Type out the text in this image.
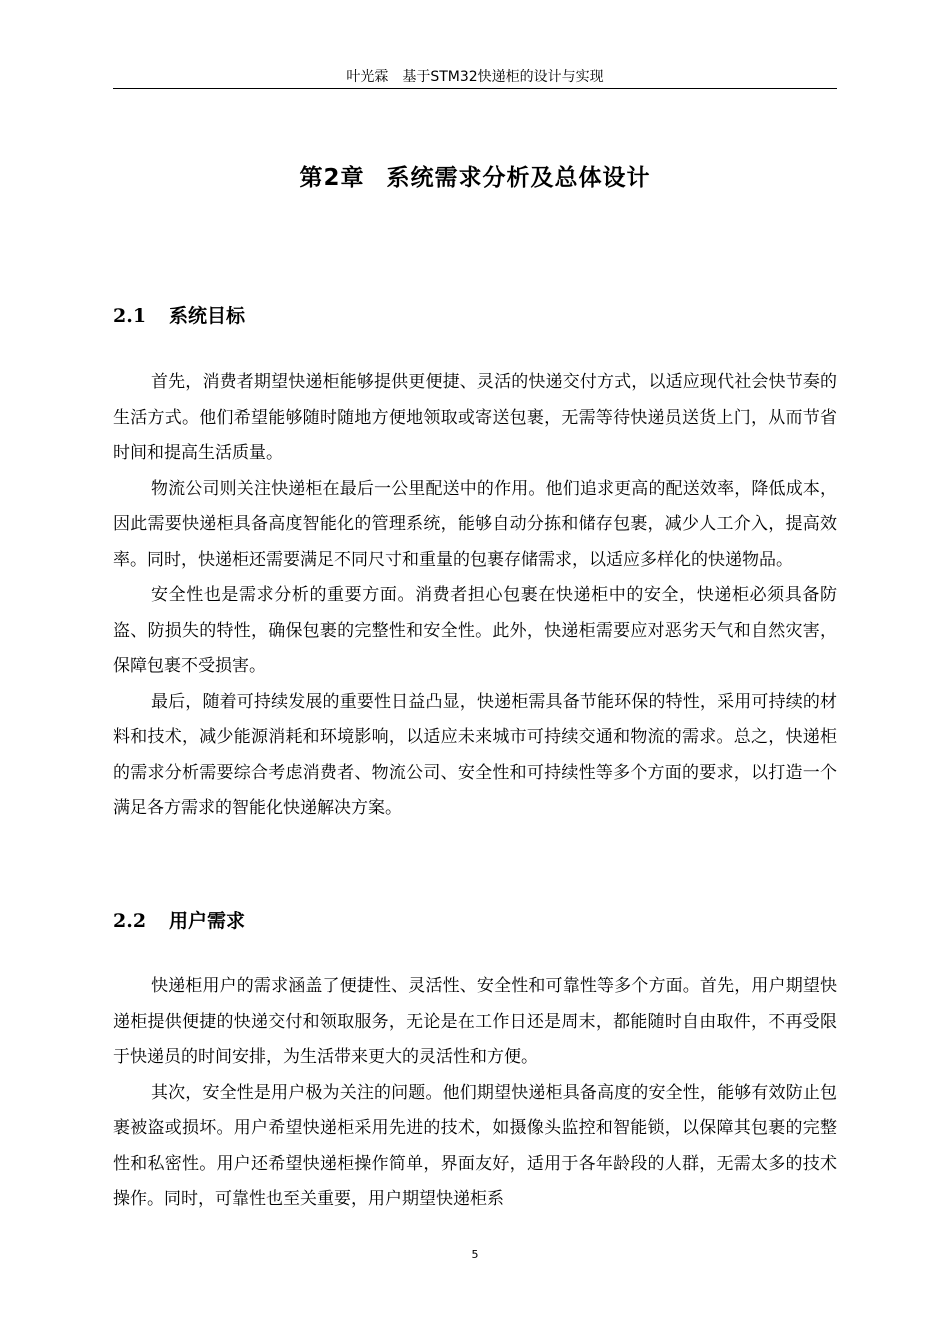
叶光霖　基于STM32快递柜的设计与实现
第2章 系统需求分析及总体设计
2.1 系统目标

首先，消费者期望快递柜能够提供更便捷、灵活的快递交付方式，以适应现代社会快节奏的生活方式。他们希望能够随时随地方便地领取或寄送包裹，无需等待快递员送货上门，从而节省时间和提高生活质量。

物流公司则关注快递柜在最后一公里配送中的作用。他们追求更高的配送效率，降低成本，因此需要快递柜具备高度智能化的管理系统，能够自动分拣和储存包裹，减少人工介入，提高效率。同时，快递柜还需要满足不同尺寸和重量的包裹存储需求，以适应多样化的快递物品。

安全性也是需求分析的重要方面。消费者担心包裹在快递柜中的安全，快递柜必须具备防盗、防损失的特性，确保包裹的完整性和安全性。此外，快递柜需要应对恶劣天气和自然灾害，保障包裹不受损害。

最后，随着可持续发展的重要性日益凸显，快递柜需具备节能环保的特性，采用可持续的材料和技术，减少能源消耗和环境影响，以适应未来城市可持续交通和物流的需求。总之，快递柜的需求分析需要综合考虑消费者、物流公司、安全性和可持续性等多个方面的要求，以打造一个满足各方需求的智能化快递解决方案。

2.2 用户需求

快递柜用户的需求涵盖了便捷性、灵活性、安全性和可靠性等多个方面。首先，用户期望快递柜提供便捷的快递交付和领取服务，无论是在工作日还是周末，都能随时自由取件，不再受限于快递员的时间安排，为生活带来更大的灵活性和方便。

其次，安全性是用户极为关注的问题。他们期望快递柜具备高度的安全性，能够有效防止包裹被盗或损坏。用户希望快递柜采用先进的技术，如摄像头监控和智能锁，以保障其包裹的完整性和私密性。用户还希望快递柜操作简单，界面友好，适用于各年龄段的人群，无需太多的技术操作。同时，可靠性也至关重要，用户期望快递柜系

5
